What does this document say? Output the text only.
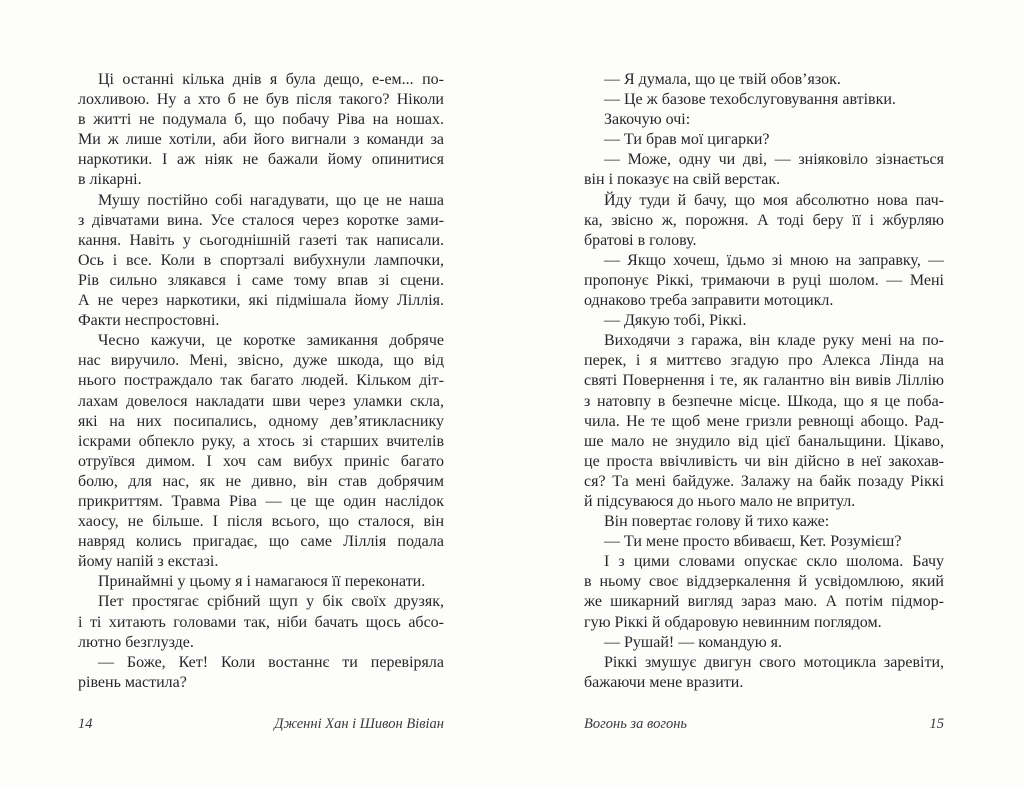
Ці останні кілька днів я була дещо, е-ем... по-
лохливою. Ну а хто б не був після такого? Ніколи
в житті не подумала б, що побачу Ріва на ношах.
Ми ж лише хотіли, аби його вигнали з команди за
наркотики. І аж ніяк не бажали йому опинитися
в лікарні.
Мушу постійно собі нагадувати, що це не наша
з дівчатами вина. Усе сталося через коротке зами-
кання. Навіть у сьогоднішній газеті так написали.
Ось і все. Коли в спортзалі вибухнули лампочки,
Рів сильно злякався і саме тому впав зі сцени.
А не через наркотики, які підмішала йому Ліллія.
Факти неспростовні.
Чесно кажучи, це коротке замикання добряче
нас виручило. Мені, звісно, дуже шкода, що від
нього постраждало так багато людей. Кільком діт-
лахам довелося накладати шви через уламки скла,
які на них посипались, одному дев’ятикласнику
іскрами обпекло руку, а хтось зі старших вчителів
отруївся димом. І хоч сам вибух приніс багато
болю, для нас, як не дивно, він став добрячим
прикриттям. Травма Ріва — це ще один наслідок
хаосу, не більше. І після всього, що сталося, він
навряд колись пригадає, що саме Ліллія подала
йому напій з екстазі.
Принаймні у цьому я і намагаюся її переконати.
Пет простягає срібний щуп у бік своїх друзяк,
і ті хитають головами так, ніби бачать щось абсо-
лютно безглузде.
— Боже, Кет! Коли востаннє ти перевіряла
рівень мастила?
— Я думала, що це твій обов’язок.
— Це ж базове техобслуговування автівки.
Закочую очі:
— Ти брав мої цигарки?
— Може, одну чи дві, — зніяковіло зізнається
він і показує на свій верстак.
Йду туди й бачу, що моя абсолютно нова пач-
ка, звісно ж, порожня. А тоді беру її і жбурляю
братові в голову.
— Якщо хочеш, їдьмо зі мною на заправку, —
пропонує Ріккі, тримаючи в руці шолом. — Мені
однаково треба заправити мотоцикл.
— Дякую тобі, Ріккі.
Виходячи з гаража, він кладе руку мені на по-
перек, і я миттєво згадую про Алекса Лінда на
святі Повернення і те, як галантно він вивів Ліллію
з натовпу в безпечне місце. Шкода, що я це поба-
чила. Не те щоб мене гризли ревнощі абощо. Рад-
ше мало не знудило від цієї банальщини. Цікаво,
це проста ввічливість чи він дійсно в неї закохав-
ся? Та мені байдуже. Залажу на байк позаду Ріккі
й підсуваюся до нього мало не впритул.
Він повертає голову й тихо каже:
— Ти мене просто вбиваєш, Кет. Розумієш?
І з цими словами опускає скло шолома. Бачу
в ньому своє віддзеркалення й усвідомлюю, який
же шикарний вигляд зараз маю. А потім підмор-
гую Ріккі й обдаровую невинним поглядом.
— Рушай! — командую я.
Ріккі змушує двигун свого мотоцикла заревіти,
бажаючи мене вразити.
14	Дженні Хан і Шивон Вівіан	Вогонь за вогонь	15
